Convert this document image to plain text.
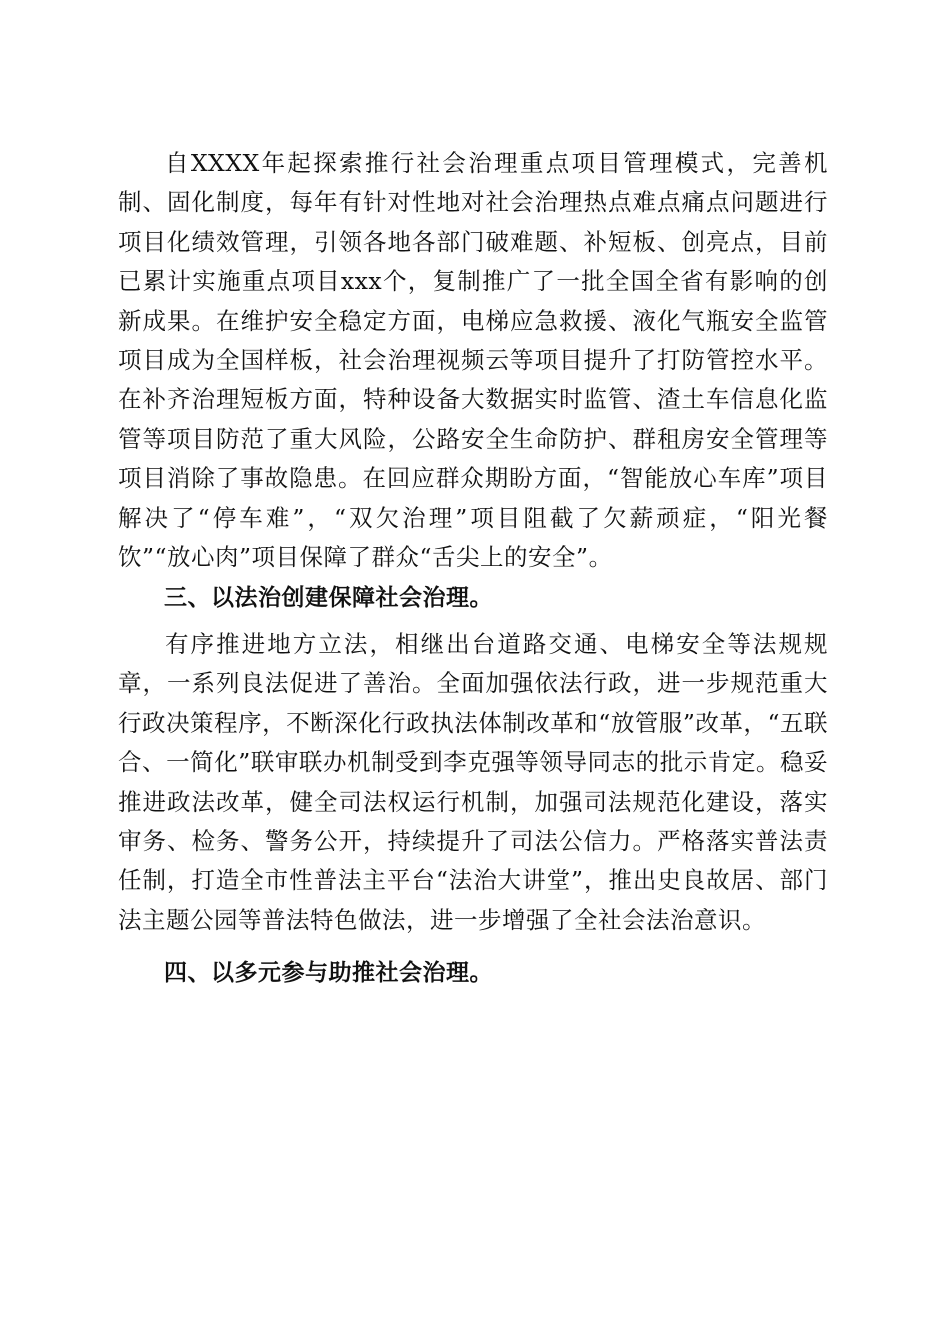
自XXXX年起探索推行社会治理重点项目管理模式，完善机制、固化制度，每年有针对性地对社会治理热点难点痛点问题进行项目化绩效管理，引领各地各部门破难题、补短板、创亮点，目前已累计实施重点项目xxx个，复制推广了一批全国全省有影响的创新成果。在维护安全稳定方面，电梯应急救援、液化气瓶安全监管项目成为全国样板，社会治理视频云等项目提升了打防管控水平。在补齐治理短板方面，特种设备大数据实时监管、渣土车信息化监管等项目防范了重大风险，公路安全生命防护、群租房安全管理等项目消除了事故隐患。在回应群众期盼方面，“智能放心车库”项目解决了“停车难”，“双欠治理”项目阻截了欠薪顽症，“阳光餐饮”“放心肉”项目保障了群众“舌尖上的安全”。

三、以法治创建保障社会治理。

有序推进地方立法，相继出台道路交通、电梯安全等法规规章，一系列良法促进了善治。全面加强依法行政，进一步规范重大行政决策程序，不断深化行政执法体制改革和“放管服”改革，“五联合、一简化”联审联办机制受到李克强等领导同志的批示肯定。稳妥推进政法改革，健全司法权运行机制，加强司法规范化建设，落实审务、检务、警务公开，持续提升了司法公信力。严格落实普法责任制，打造全市性普法主平台“法治大讲堂”，推出史良故居、部门法主题公园等普法特色做法，进一步增强了全社会法治意识。

四、以多元参与助推社会治理。
